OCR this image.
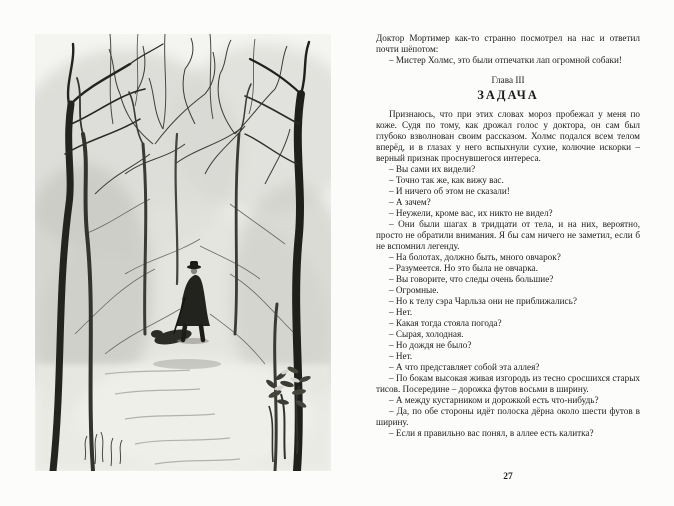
Доктор Мортимер как-то странно посмотрел на нас и ответил почти шёпотом:

– Мистер Холмс, это были отпечатки лап огромной собаки!

Глава III
ЗАДАЧА

Признаюсь, что при этих словах мороз пробежал у меня по коже. Судя по тому, как дрожал голос у доктора, он сам был глубоко взволнован своим рассказом. Холмс подался всем телом вперёд, и в глазах у него вспыхнули сухие, колючие искорки – верный признак проснувшегося интереса.

– Вы сами их видели?

– Точно так же, как вижу вас.

– И ничего об этом не сказали!

– А зачем?

– Неужели, кроме вас, их никто не видел?

– Они были шагах в тридцати от тела, и на них, вероятно, просто не обратили внимания. Я бы сам ничего не заметил, если б не вспомнил легенду.

– На болотах, должно быть, много овчарок?

– Разумеется. Но это была не овчарка.

– Вы говорите, что следы очень большие?

– Огромные.

– Но к телу сэра Чарльза они не приближались?

– Нет.

– Какая тогда стояла погода?

– Сырая, холодная.

– Но дождя не было?

– Нет.

– А что представляет собой эта аллея?

– По бокам высокая живая изгородь из тесно сросшихся старых тисов. Посередине – дорожка футов восьми в ширину.

– А между кустарником и дорожкой есть что-нибудь?

– Да, по обе стороны идёт полоска дёрна около шести футов в ширину.

– Если я правильно вас понял, в аллее есть калитка?

27
